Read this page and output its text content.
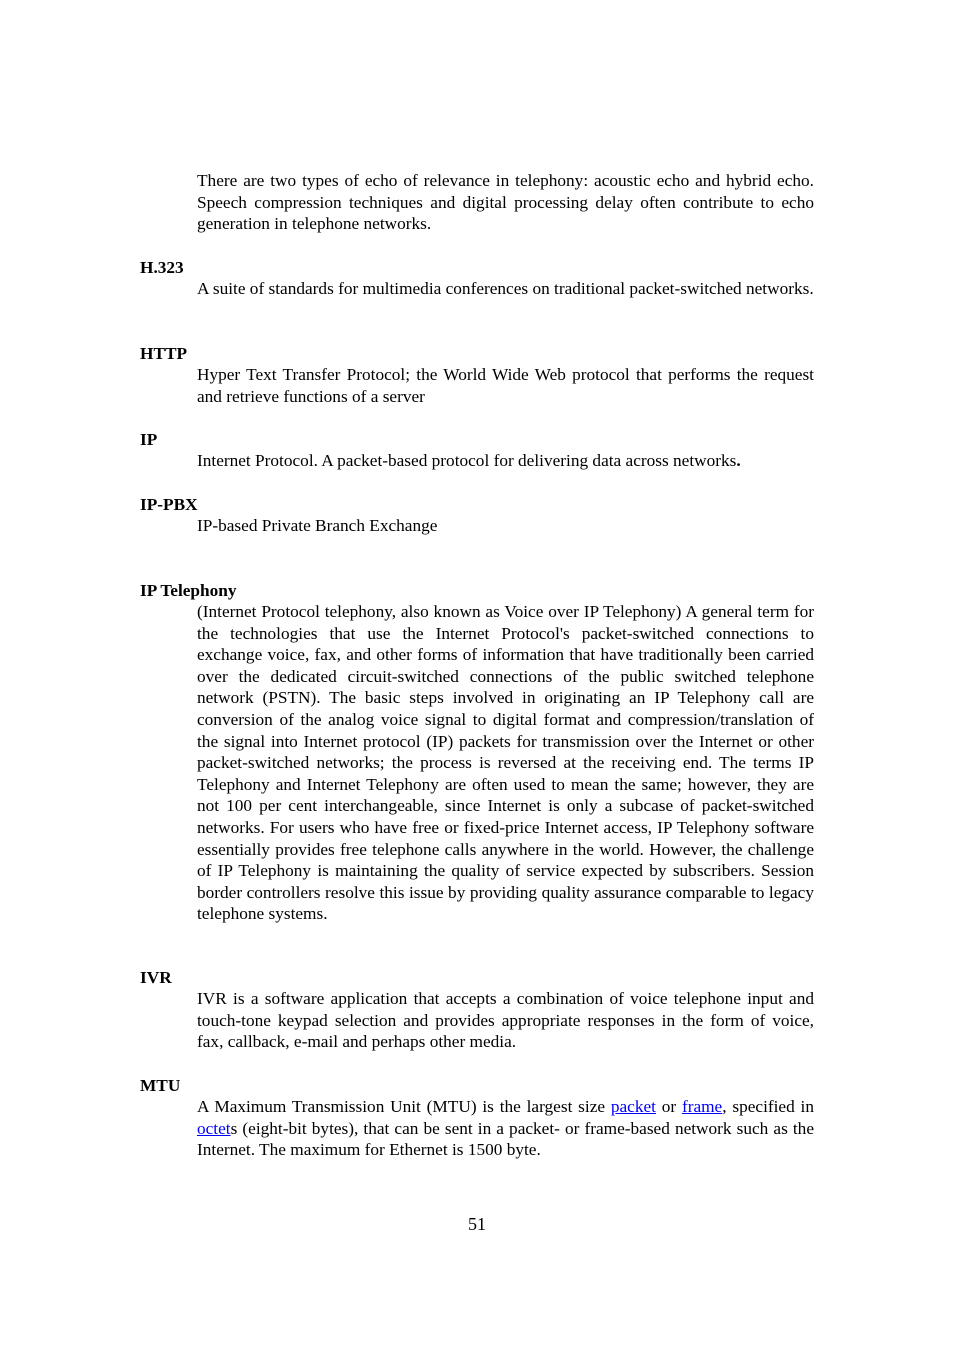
There are two types of echo of relevance in telephony: acoustic echo and hybrid echo. Speech compression techniques and digital processing delay often contribute to echo generation in telephone networks.
H.323
A suite of standards for multimedia conferences on traditional packet-switched networks.
HTTP
Hyper Text Transfer Protocol; the World Wide Web protocol that performs the request and retrieve functions of a server
IP
Internet Protocol. A packet-based protocol for delivering data across networks.
IP-PBX
IP-based Private Branch Exchange
IP Telephony
(Internet Protocol telephony, also known as Voice over IP Telephony) A general term for the technologies that use the Internet Protocol's packet-switched connections to exchange voice, fax, and other forms of information that have traditionally been carried over the dedicated circuit-switched connections of the public switched telephone network (PSTN). The basic steps involved in originating an IP Telephony call are conversion of the analog voice signal to digital format and compression/translation of the signal into Internet protocol (IP) packets for transmission over the Internet or other packet-switched networks; the process is reversed at the receiving end. The terms IP Telephony and Internet Telephony are often used to mean the same; however, they are not 100 per cent interchangeable, since Internet is only a subcase of packet-switched networks. For users who have free or fixed-price Internet access, IP Telephony software essentially provides free telephone calls anywhere in the world. However, the challenge of IP Telephony is maintaining the quality of service expected by subscribers. Session border controllers resolve this issue by providing quality assurance comparable to legacy telephone systems.
IVR
IVR is a software application that accepts a combination of voice telephone input and touch-tone keypad selection and provides appropriate responses in the form of voice, fax, callback, e-mail and perhaps other media.
MTU
A Maximum Transmission Unit (MTU) is the largest size packet or frame, specified in octets (eight-bit bytes), that can be sent in a packet- or frame-based network such as the Internet. The maximum for Ethernet is 1500 byte.
51
